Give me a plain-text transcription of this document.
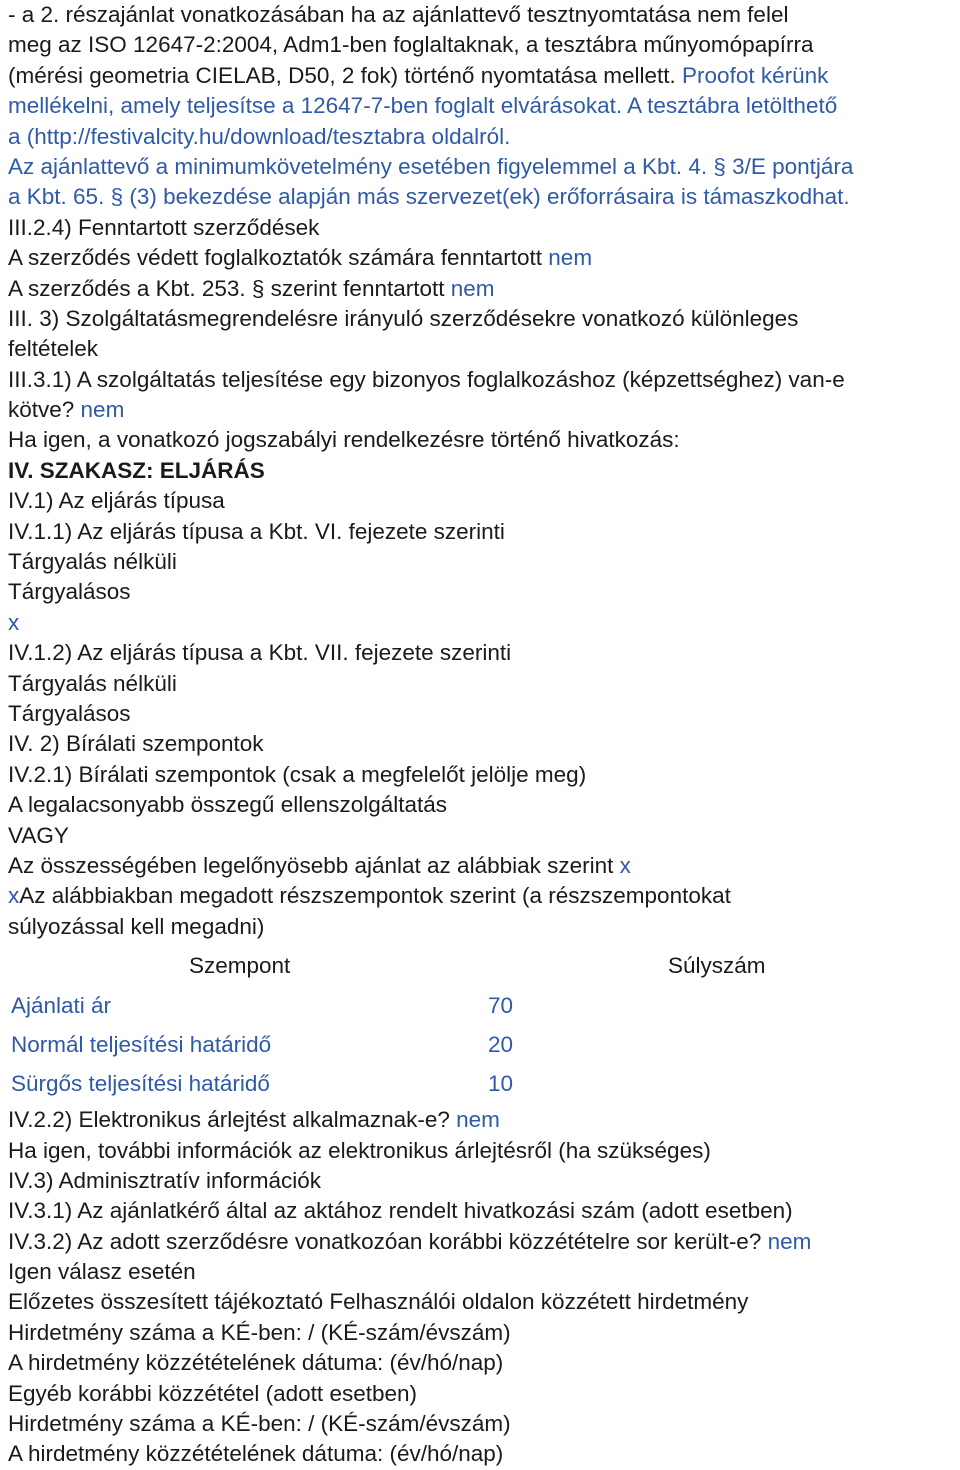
- a 2. részajánlat vonatkozásában ha az ajánlattevő tesztnyomtatása nem felel
meg az ISO 12647-2:2004, Adm1-ben foglaltaknak, a tesztábra műnyomópapírra
(mérési geometria CIELAB, D50, 2 fok) történő nyomtatása mellett. Proofot kérünk
mellékelni, amely teljesítse a 12647-7-ben foglalt elvárásokat. A tesztábra letölthető
a (http://festivalcity.hu/download/tesztabra oldalról.
Az ajánlattevő a minimumkövetelmény esetében figyelemmel a Kbt. 4. § 3/E pontjára
a Kbt. 65. § (3) bekezdése alapján más szervezet(ek) erőforrásaira is támaszkodhat.
III.2.4) Fenntartott szerződések
A szerződés védett foglalkoztatók számára fenntartott nem
A szerződés a Kbt. 253. § szerint fenntartott nem
III. 3) Szolgáltatásmegrendelésre irányuló szerződésekre vonatkozó különleges
feltételek
III.3.1) A szolgáltatás teljesítése egy bizonyos foglalkozáshoz (képzettséghez) van-e
kötve? nem
Ha igen, a vonatkozó jogszabályi rendelkezésre történő hivatkozás:
IV. SZAKASZ: ELJÁRÁS
IV.1) Az eljárás típusa
IV.1.1) Az eljárás típusa a Kbt. VI. fejezete szerinti
Tárgyalás nélküli
Tárgyalásos
x
IV.1.2) Az eljárás típusa a Kbt. VII. fejezete szerinti
Tárgyalás nélküli
Tárgyalásos
IV. 2) Bírálati szempontok
IV.2.1) Bírálati szempontok (csak a megfelelőt jelölje meg)
A legalacsonyabb összegű ellenszolgáltatás
VAGY
Az összességében legelőnyösebb ajánlat az alábbiak szerint x
xAz alábbiakban megadott részszempontok szerint (a részszempontokat
súlyozással kell megadni)
Szempont	Súlyszám
Ajánlati ár	70
Normál teljesítési határidő	20
Sürgős teljesítési határidő	10
IV.2.2) Elektronikus árlejtést alkalmaznak-e? nem
Ha igen, további információk az elektronikus árlejtésről (ha szükséges)
IV.3) Adminisztratív információk
IV.3.1) Az ajánlatkérő által az aktához rendelt hivatkozási szám (adott esetben)
IV.3.2) Az adott szerződésre vonatkozóan korábbi közzétételre sor került-e? nem
Igen válasz esetén
Előzetes összesített tájékoztató Felhasználói oldalon közzétett hirdetmény
Hirdetmény száma a KÉ-ben: / (KÉ-szám/évszám)
A hirdetmény közzétételének dátuma: (év/hó/nap)
Egyéb korábbi közzététel (adott esetben)
Hirdetmény száma a KÉ-ben: / (KÉ-szám/évszám)
A hirdetmény közzétételének dátuma: (év/hó/nap)
